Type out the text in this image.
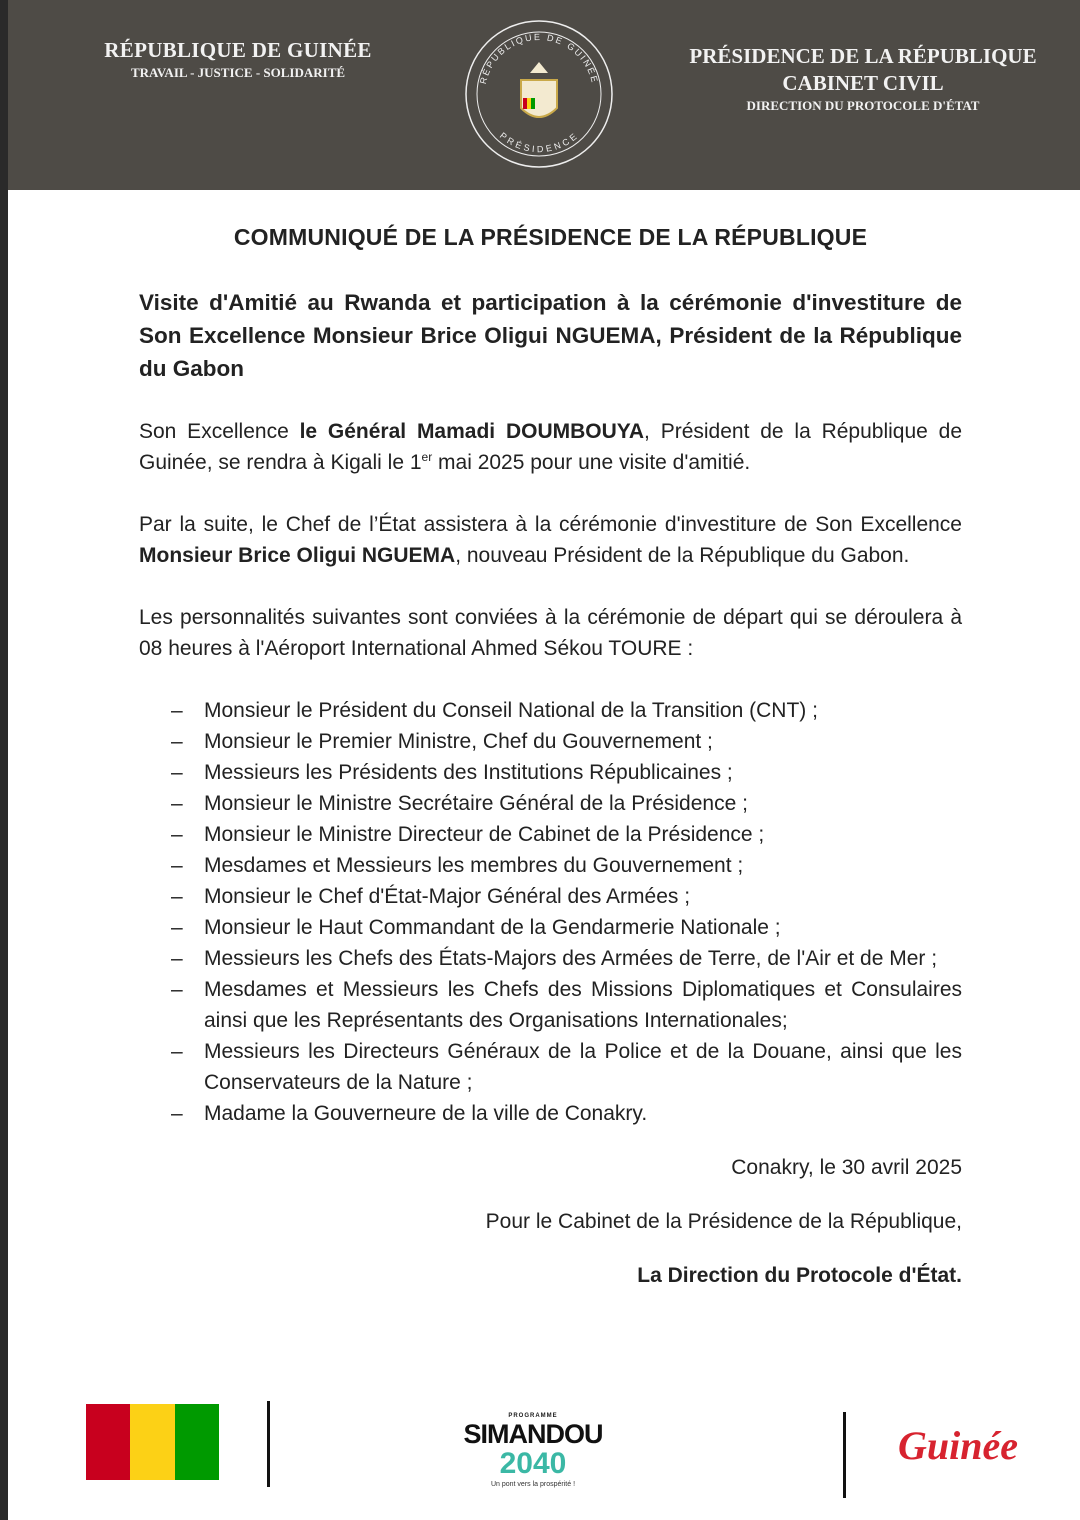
RÉPUBLIQUE DE GUINÉE
TRAVAIL - JUSTICE - SOLIDARITÉ	RÉPUBLIQUE DE GUINÉE
PRÉSIDENCE
PRÉSIDENCE DE LA RÉPUBLIQUE
CABINET CIVIL
DIRECTION DU PROTOCOLE D'ÉTAT
COMMUNIQUÉ DE LA PRÉSIDENCE DE LA RÉPUBLIQUE
Visite d'Amitié au Rwanda et participation à la cérémonie d'investiture de Son Excellence Monsieur Brice Oligui NGUEMA, Président de la République du Gabon
Son Excellence le Général Mamadi DOUMBOUYA, Président de la République de Guinée, se rendra à Kigali le 1er mai 2025 pour une visite d'amitié.
Par la suite, le Chef de l’État assistera à la cérémonie d'investiture de Son Excellence Monsieur Brice Oligui NGUEMA, nouveau Président de la République du Gabon.
Les personnalités suivantes sont conviées à la cérémonie de départ qui se déroulera à 08 heures à l'Aéroport International Ahmed Sékou TOURE :
– Monsieur le Président du Conseil National de la Transition (CNT) ;
– Monsieur le Premier Ministre, Chef du Gouvernement ;
– Messieurs les Présidents des Institutions Républicaines ;
– Monsieur le Ministre Secrétaire Général de la Présidence ;
– Monsieur le Ministre Directeur de Cabinet de la Présidence ;
– Mesdames et Messieurs les membres du Gouvernement ;
– Monsieur le Chef d'État-Major Général des Armées ;
– Monsieur le Haut Commandant de la Gendarmerie Nationale ;
– Messieurs les Chefs des États-Majors des Armées de Terre, de l'Air et de Mer ;
– Mesdames et Messieurs les Chefs des Missions Diplomatiques et Consulaires ainsi que les Représentants des Organisations Internationales;
– Messieurs les Directeurs Généraux de la Police et de la Douane, ainsi que les Conservateurs de la Nature ;
– Madame la Gouverneure de la ville de Conakry.
Conakry, le 30 avril 2025
Pour le Cabinet de la Présidence de la République,
La Direction du Protocole d'État.
PROGRAMME
SIMANDOU
2040
Un pont vers la prospérité !
Guinée
